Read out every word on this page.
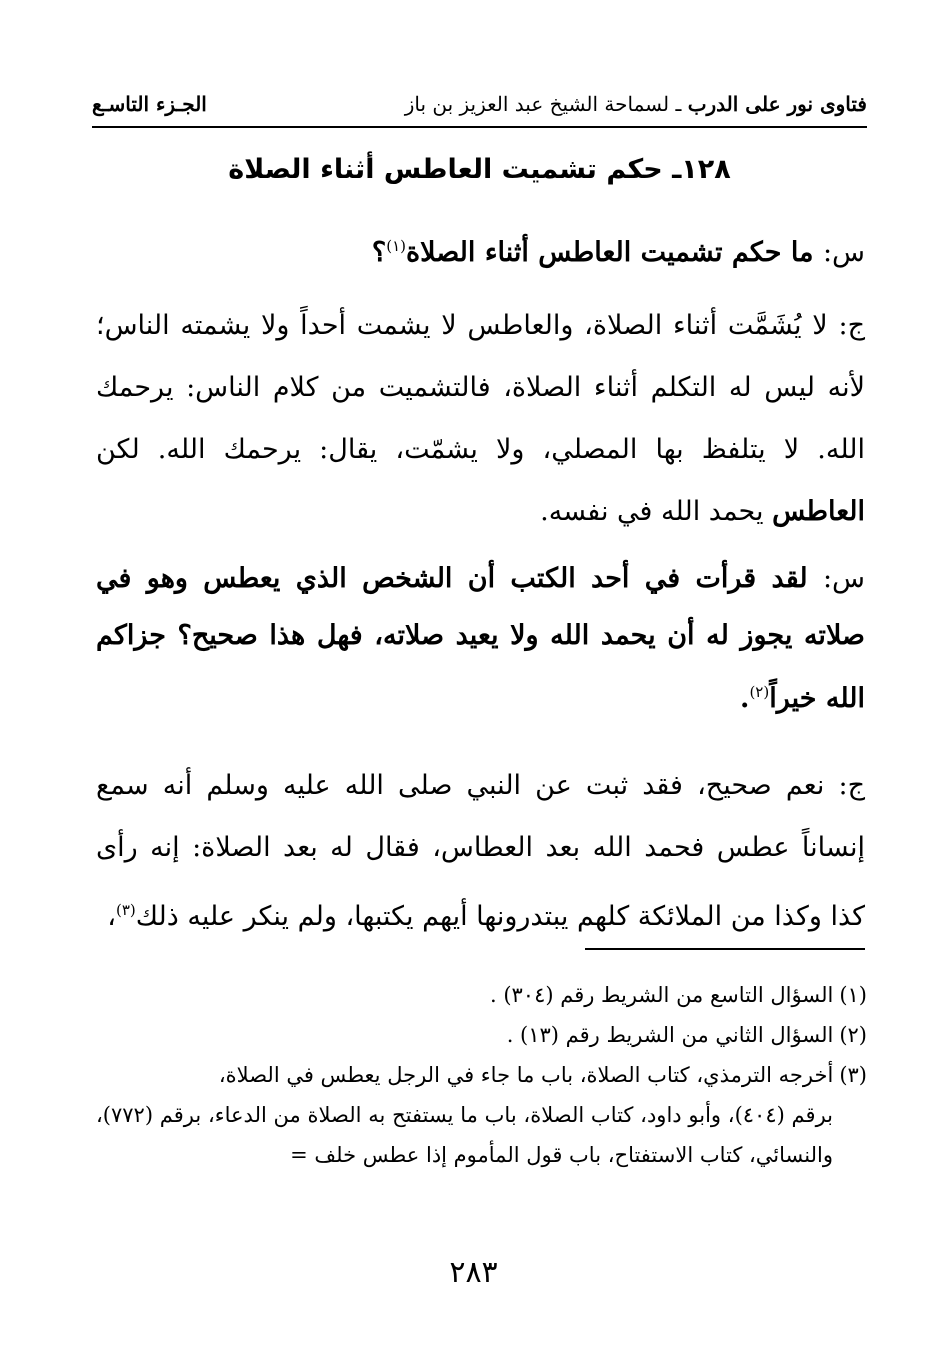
فتاوى نور على الدرب

ـ لسماحة الشيخ عبد العزيز بن باز
الجـزء التاسـع
١٢٨ـ حكم تشميت العاطس أثناء الصلاة
س: ما حكم تشميت العاطس أثناء الصلاة$^{(١)}$؟
ج: لا يُشَمَّت أثناء الصلاة، والعاطس لا يشمت أحداً ولا يشمته الناس؛ لأنه ليس له التكلم أثناء الصلاة، فالتشميت من كلام الناس: يرحمك الله. لا يتلفظ بها المصلي، ولا يشمّت، يقال: يرحمك الله. لكن العاطس يحمد الله في نفسه.
س: لقد قرأت في أحد الكتب أن الشخص الذي يعطس وهو في صلاته يجوز له أن يحمد الله ولا يعيد صلاته، فهل هذا صحيح؟ جزاكم الله خيراً$^{(٢)}$.
ج: نعم صحيح، فقد ثبت عن النبي صلى الله عليه وسلم أنه سمع إنساناً عطس فحمد الله بعد العطاس، فقال له بعد الصلاة: إنه رأى كذا وكذا من الملائكة كلهم يبتدرونها أيهم يكتبها، ولم ينكر عليه ذلك$^{(٣)}$،

(١)السؤال التاسع من الشريط رقم (٣٠٤) .

(٢)السؤال الثاني من الشريط رقم (١٣) .

(٣)أخرجه الترمذي، كتاب الصلاة، باب ما جاء في الرجل يعطس في الصلاة،
برقم (٤٠٤)، وأبو داود، كتاب الصلاة، باب ما يستفتح به الصلاة من الدعاء، برقم (٧٧٢)، والنسائي، كتاب الاستفتاح، باب قول المأموم إذا عطس خلف =

٢٨٣
